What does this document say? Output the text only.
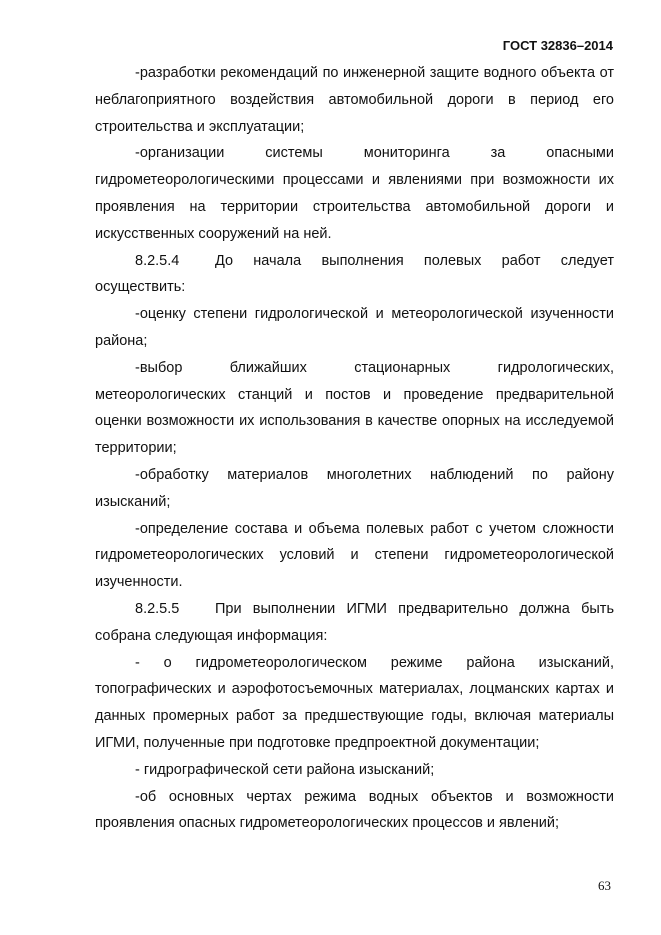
ГОСТ 32836–2014

-разработки рекомендаций по инженерной защите водного объекта от неблагоприятного воздействия автомобильной дороги в период его строительства и эксплуатации;

-организации системы мониторинга за опасными гидрометеорологическими процессами и явлениями при возможности их проявления на территории строительства автомобильной дороги и искусственных сооружений на ней.

8.2.5.4 До начала выполнения полевых работ следует осуществить:

-оценку степени гидрологической и метеорологической изученности района;

-выбор ближайших стационарных гидрологических, метеорологических станций и постов и проведение предварительной оценки возможности их использования в качестве опорных на исследуемой территории;

-обработку материалов многолетних наблюдений по району изысканий;

-определение состава и объема полевых работ с учетом сложности гидрометеорологических условий и степени гидрометеорологической изученности.

8.2.5.5 При выполнении ИГМИ предварительно должна быть собрана следующая информация:

- о гидрометеорологическом режиме района изысканий, топографических и аэрофотосъемочных материалах, лоцманских картах и данных промерных работ за предшествующие годы, включая материалы ИГМИ, полученные при подготовке предпроектной документации;

- гидрографической сети района изысканий;

-об основных чертах режима водных объектов и возможности проявления опасных гидрометеорологических процессов и явлений;

63
